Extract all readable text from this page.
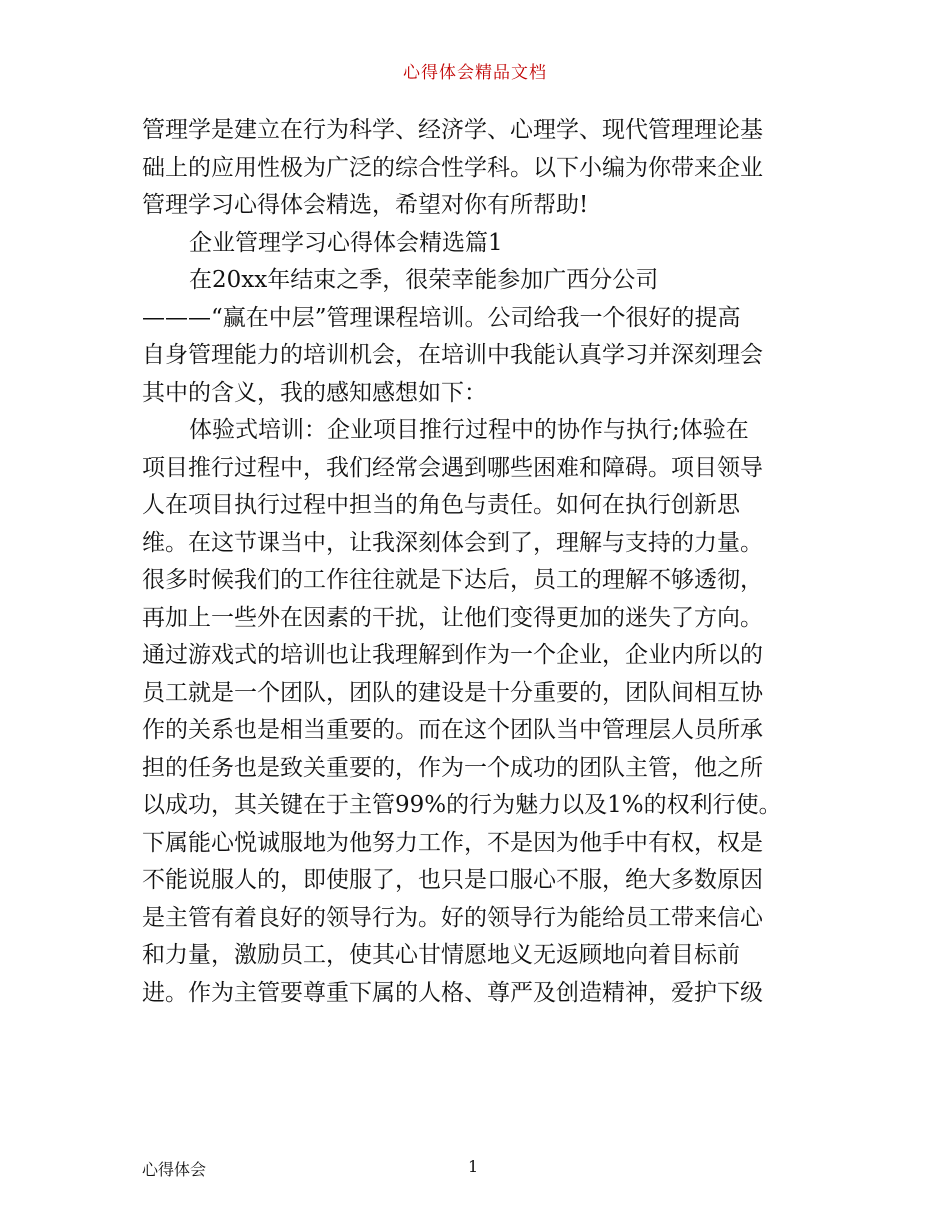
心得体会精品文档
管理学是建立在行为科学、经济学、心理学、现代管理理论基
础上的应用性极为广泛的综合性学科。以下小编为你带来企业
管理学习心得体会精选，希望对你有所帮助!
企业管理学习心得体会精选篇1
在20xx年结束之季，很荣幸能参加广西分公司
———“赢在中层”管理课程培训。公司给我一个很好的提高
自身管理能力的培训机会，在培训中我能认真学习并深刻理会
其中的含义，我的感知感想如下：
体验式培训：企业项目推行过程中的协作与执行;体验在
项目推行过程中，我们经常会遇到哪些困难和障碍。项目领导
人在项目执行过程中担当的角色与责任。如何在执行创新思
维。在这节课当中，让我深刻体会到了，理解与支持的力量。
很多时候我们的工作往往就是下达后，员工的理解不够透彻，
再加上一些外在因素的干扰，让他们变得更加的迷失了方向。
通过游戏式的培训也让我理解到作为一个企业，企业内所以的
员工就是一个团队，团队的建设是十分重要的，团队间相互协
作的关系也是相当重要的。而在这个团队当中管理层人员所承
担的任务也是致关重要的，作为一个成功的团队主管，他之所
以成功，其关键在于主管99%的行为魅力以及1%的权利行使。
下属能心悦诚服地为他努力工作，不是因为他手中有权，权是
不能说服人的，即使服了，也只是口服心不服，绝大多数原因
是主管有着良好的领导行为。好的领导行为能给员工带来信心
和力量，激励员工，使其心甘情愿地义无返顾地向着目标前
进。作为主管要尊重下属的人格、尊严及创造精神，爱护下级
心得体会	1
